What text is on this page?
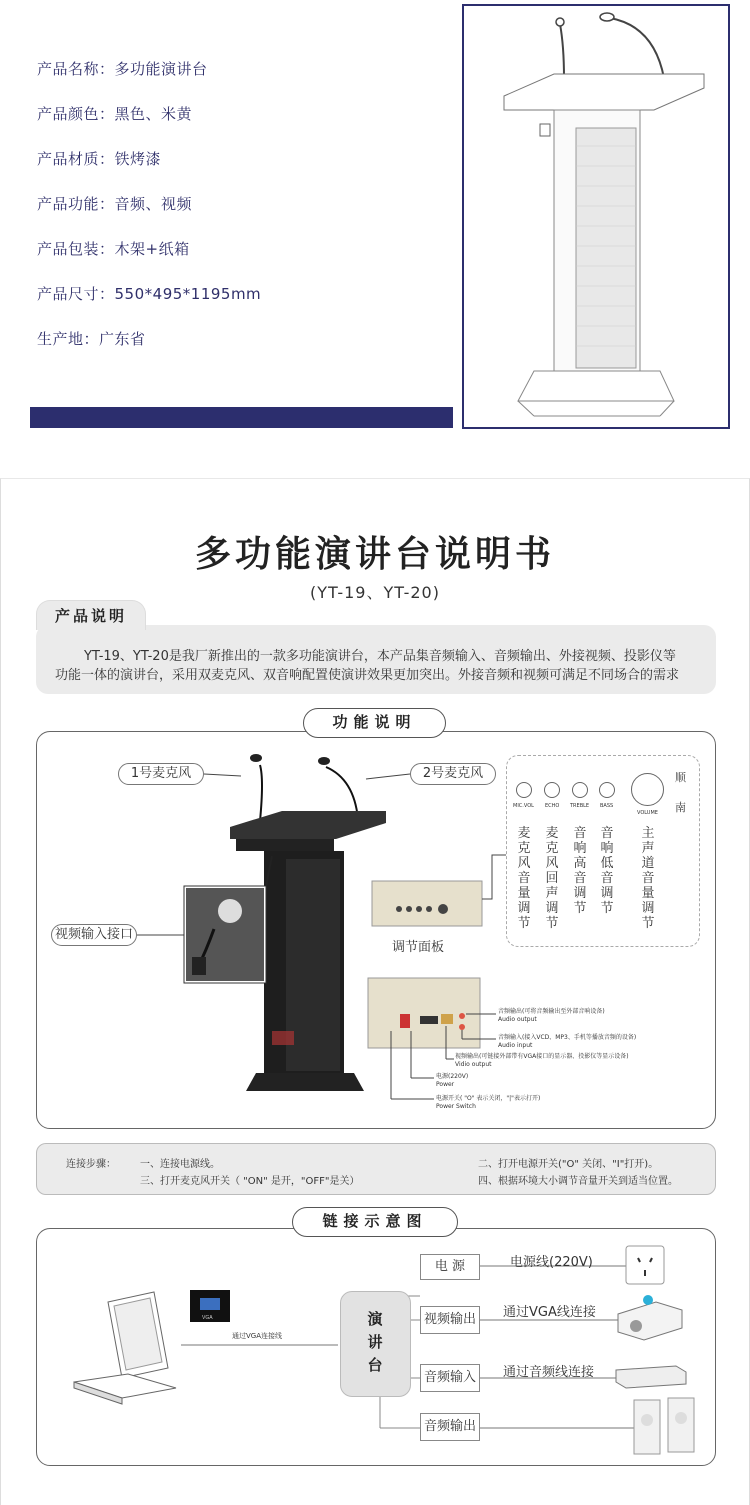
产品名称：多功能演讲台
产品颜色：黑色、米黄
产品材质：铁烤漆
产品功能：音频、视频
产品包装：木架+纸箱
产品尺寸：550*495*1195mm
生产地：广东省
多功能演讲台说明书
(YT-19、YT-20)
产品说明
YT-19、YT-20是我厂新推出的一款多功能演讲台，本产品集音频输入、音频输出、外接视频、投影仪等
功能一体的演讲台，采用双麦克风、双音响配置使演讲效果更加突出。外接音频和视频可满足不同场合的需求
功能说明
1号麦克风	2号麦克风
视频输入接口
调节面板
MIC.VOL ECHO TREBLE BASS
VOLUME
顺
南
麦克风音量调节
麦克风回声调节
音响高音调节
音响低音调节
主声道音量调节
音频输出(可将音频输出至外部音响设备)
Audio output
音频输入(接入VCD、MP3、手机等播放音频的设备)
Audio input
视频输出(可链接外部带有VGA接口的显示器、投影仪等显示设备)
Vidio output
电源(220V)
Power
电源开关( "O" 表示关闭，"|"表示打开)
Power Switch
连接步骤： 一、连接电源线。	二、打开电源开关("O" 关闭、"I"打开)。
三、打开麦克风开关（ "ON" 是开，"OFF"是关）	四、根据环境大小调节音量开关到适当位置。
链接示意图
VGA
通过VGA连接线
演讲台
电 源
视频输出
音频输入
音频输出
电源线(220V)
通过VGA线连接
通过音频线连接
